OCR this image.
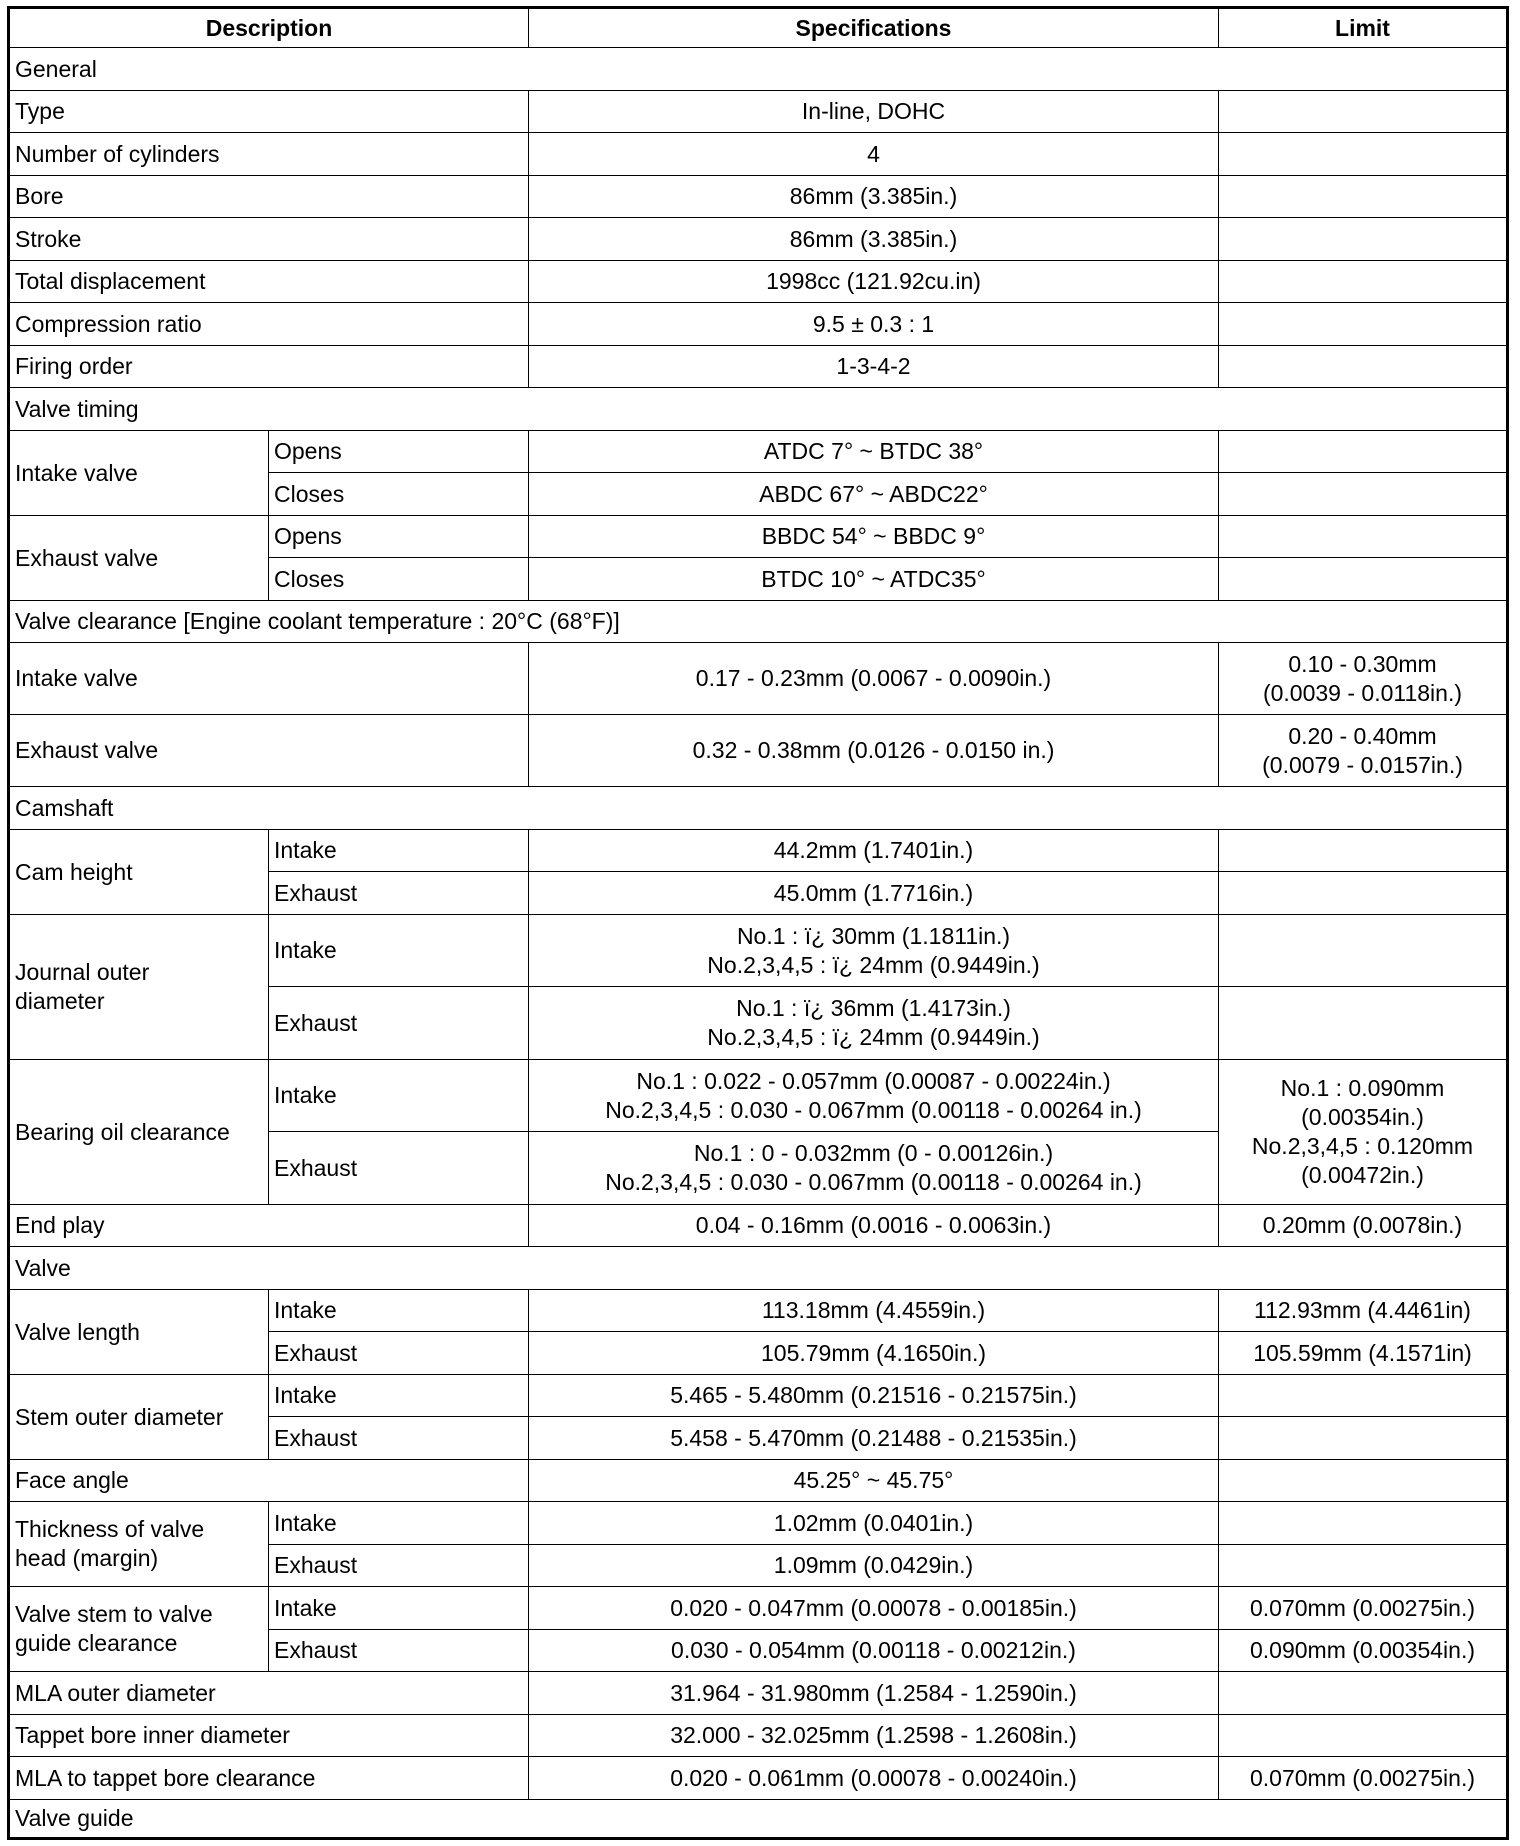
Description		Specifications	Limit
General			
Type		In-line, DOHC	
Number of cylinders		4	
Bore		86mm (3.385in.)	
Stroke		86mm (3.385in.)	
Total displacement		1998cc (121.92cu.in)	
Compression ratio		9.5 ± 0.3 : 1	
Firing order		1-3-4-2	
Valve timing			
Intake valve	Opens	ATDC 7° ~ BTDC 38°	
	Closes	ABDC 67° ~ ABDC22°	
Exhaust valve	Opens	BBDC 54° ~ BBDC 9°	
	Closes	BTDC 10° ~ ATDC35°	
Valve clearance [Engine coolant temperature : 20°C (68°F)]			
Intake valve		0.17 - 0.23mm (0.0067 - 0.0090in.)	0.10 - 0.30mm
(0.0039 - 0.0118in.)

Exhaust valve		0.32 - 0.38mm (0.0126 - 0.0150 in.)	0.20 - 0.40mm
(0.0079 - 0.0157in.)

Camshaft			
Cam height	Intake	44.2mm (1.7401in.)	
	Exhaust	45.0mm (1.7716in.)	

Journal outer
diameter	Intake	No.1 : ï¿ 30mm (1.1811in.)
No.2,3,4,5 : ï¿ 24mm (0.9449in.)	

	Exhaust	No.1 : ï¿ 36mm (1.4173in.)
No.2,3,4,5 : ï¿ 24mm (0.9449in.)	

Bearing oil clearance	Intake	No.1 : 0.022 - 0.057mm (0.00087 - 0.00224in.)
No.2,3,4,5 : 0.030 - 0.067mm (0.00118 - 0.00264 in.)	No.1 : 0.090mm
(0.00354in.)
No.2,3,4,5 : 0.120mm
(0.00472in.)

	Exhaust	No.1 : 0 - 0.032mm (0 - 0.00126in.)
No.2,3,4,5 : 0.030 - 0.067mm (0.00118 - 0.00264 in.)	

End play		0.04 - 0.16mm (0.0016 - 0.0063in.)	0.20mm (0.0078in.)
Valve			
Valve length	Intake	113.18mm (4.4559in.)	112.93mm (4.4461in)
	Exhaust	105.79mm (4.1650in.)	105.59mm (4.1571in)
Stem outer diameter	Intake	5.465 - 5.480mm (0.21516 - 0.21575in.)	
	Exhaust	5.458 - 5.470mm (0.21488 - 0.21535in.)	
Face angle		45.25° ~ 45.75°	

Thickness of valve
head (margin)	Intake	1.02mm (0.0401in.)	
	Exhaust	1.09mm (0.0429in.)	

Valve stem to valve
guide clearance	Intake	0.020 - 0.047mm (0.00078 - 0.00185in.)	0.070mm (0.00275in.)
	Exhaust	0.030 - 0.054mm (0.00118 - 0.00212in.)	0.090mm (0.00354in.)
MLA outer diameter		31.964 - 31.980mm (1.2584 - 1.2590in.)	
Tappet bore inner diameter		32.000 - 32.025mm (1.2598 - 1.2608in.)	
MLA to tappet bore clearance		0.020 - 0.061mm (0.00078 - 0.00240in.)	0.070mm (0.00275in.)
Valve guide			
